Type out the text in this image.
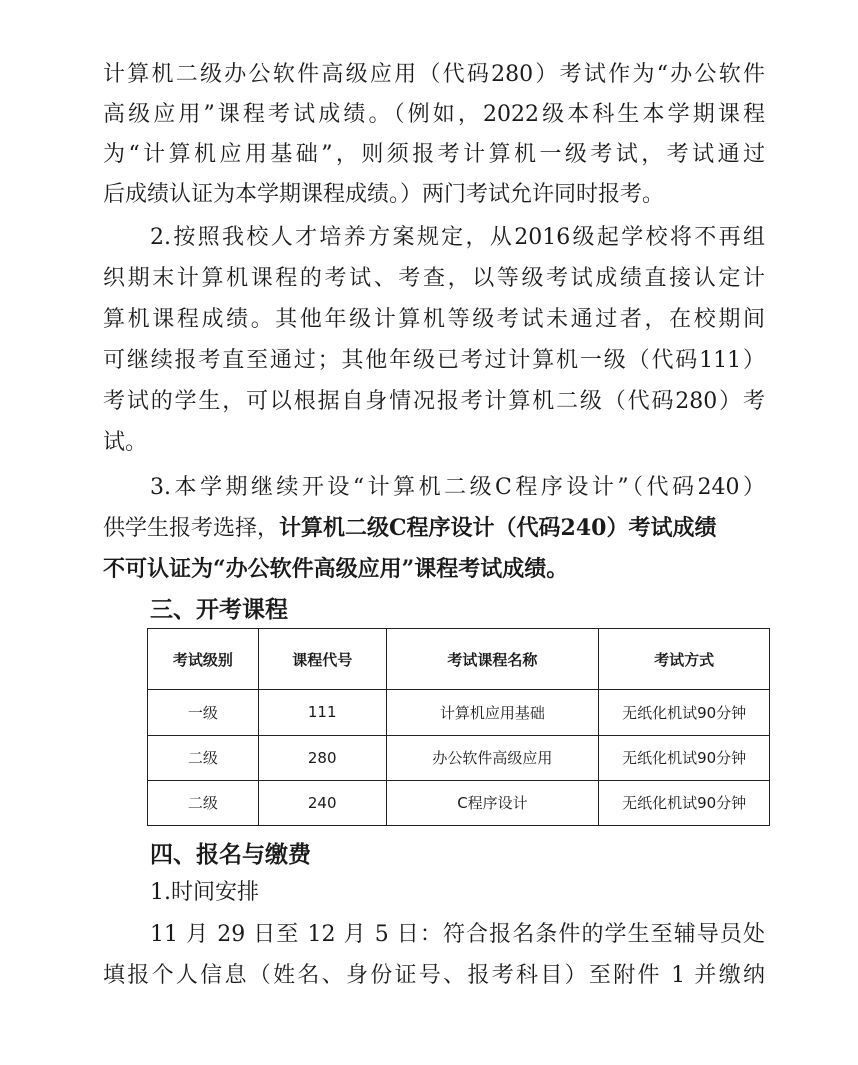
计算机二级办公软件高级应用（代码280）考试作为“办公软件
高级应用”课程考试成绩。（例如，2022级本科生本学期课程
为“计算机应用基础”，则须报考计算机一级考试，考试通过
后成绩认证为本学期课程成绩。）两门考试允许同时报考。
2.按照我校人才培养方案规定，从2016级起学校将不再组
织期末计算机课程的考试、考查，以等级考试成绩直接认定计
算机课程成绩。其他年级计算机等级考试未通过者，在校期间
可继续报考直至通过；其他年级已考过计算机一级（代码111）
考试的学生，可以根据自身情况报考计算机二级（代码280）考
试。
3.本学期继续开设“计算机二级C程序设计”（代码240）
供学生报考选择，计算机二级C程序设计（代码240）考试成绩
不可认证为“办公软件高级应用”课程考试成绩。
三、开考课程
考试级别	课程代号	考试课程名称	考试方式
一级	111	计算机应用基础	无纸化机试90分钟
二级	280	办公软件高级应用	无纸化机试90分钟
二级	240	C程序设计	无纸化机试90分钟
四、报名与缴费
1.时间安排
11 月 29 日至 12 月 5 日：符合报名条件的学生至辅导员处
填报个人信息（姓名、身份证号、报考科目）至附件 1 并缴纳
